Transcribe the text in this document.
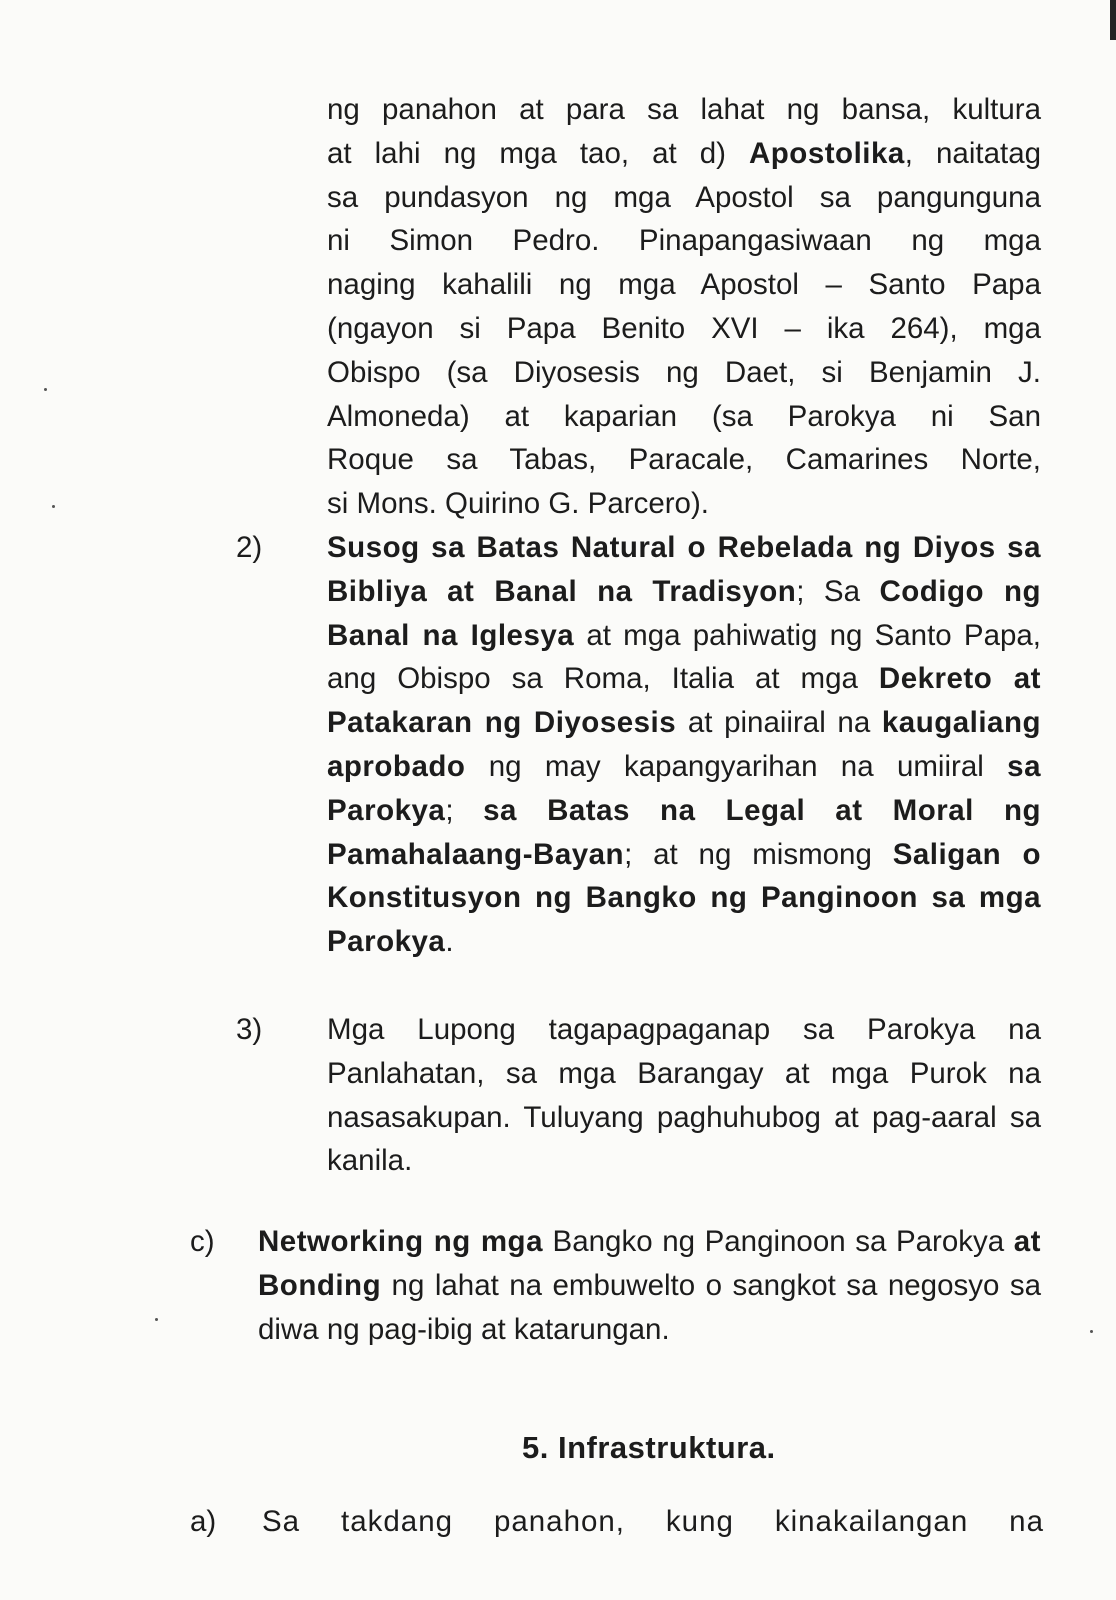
ng panahon at para sa lahat ng bansa, kultura
at lahi ng mga tao, at d) Apostolika, naitatag
sa pundasyon ng mga Apostol sa pangunguna
ni Simon Pedro. Pinapangasiwaan ng mga
naging kahalili ng mga Apostol – Santo Papa
(ngayon si Papa Benito XVI – ika 264), mga
Obispo (sa Diyosesis ng Daet, si Benjamin J.
Almoneda) at kaparian (sa Parokya ni San
Roque sa Tabas, Paracale, Camarines Norte,
si Mons. Quirino G. Parcero).
2) Susog sa Batas Natural o Rebelada ng Diyos sa Bibliya at Banal na Tradisyon; Sa Codigo ng Banal na Iglesya at mga pahiwatig ng Santo Papa, ang Obispo sa Roma, Italia at mga Dekreto at Patakaran ng Diyosesis at pinaiiral na kaugaliang aprobado ng may kapangyarihan na umiiral sa Parokya; sa Batas na Legal at Moral ng Pamahalaang-Bayan; at ng mismong Saligan o Konstitusyon ng Bangko ng Panginoon sa mga Parokya.
3) Mga Lupong tagapagpaganap sa Parokya na Panlahatan, sa mga Barangay at mga Purok na nasasakupan. Tuluyang paghuhubog at pag-aaral sa kanila.
c) Networking ng mga Bangko ng Panginoon sa Parokya at Bonding ng lahat na embuwelto o sangkot sa negosyo sa diwa ng pag-ibig at katarungan.
5. Infrastruktura.
a) Sa takdang panahon, kung kinakailangan na
